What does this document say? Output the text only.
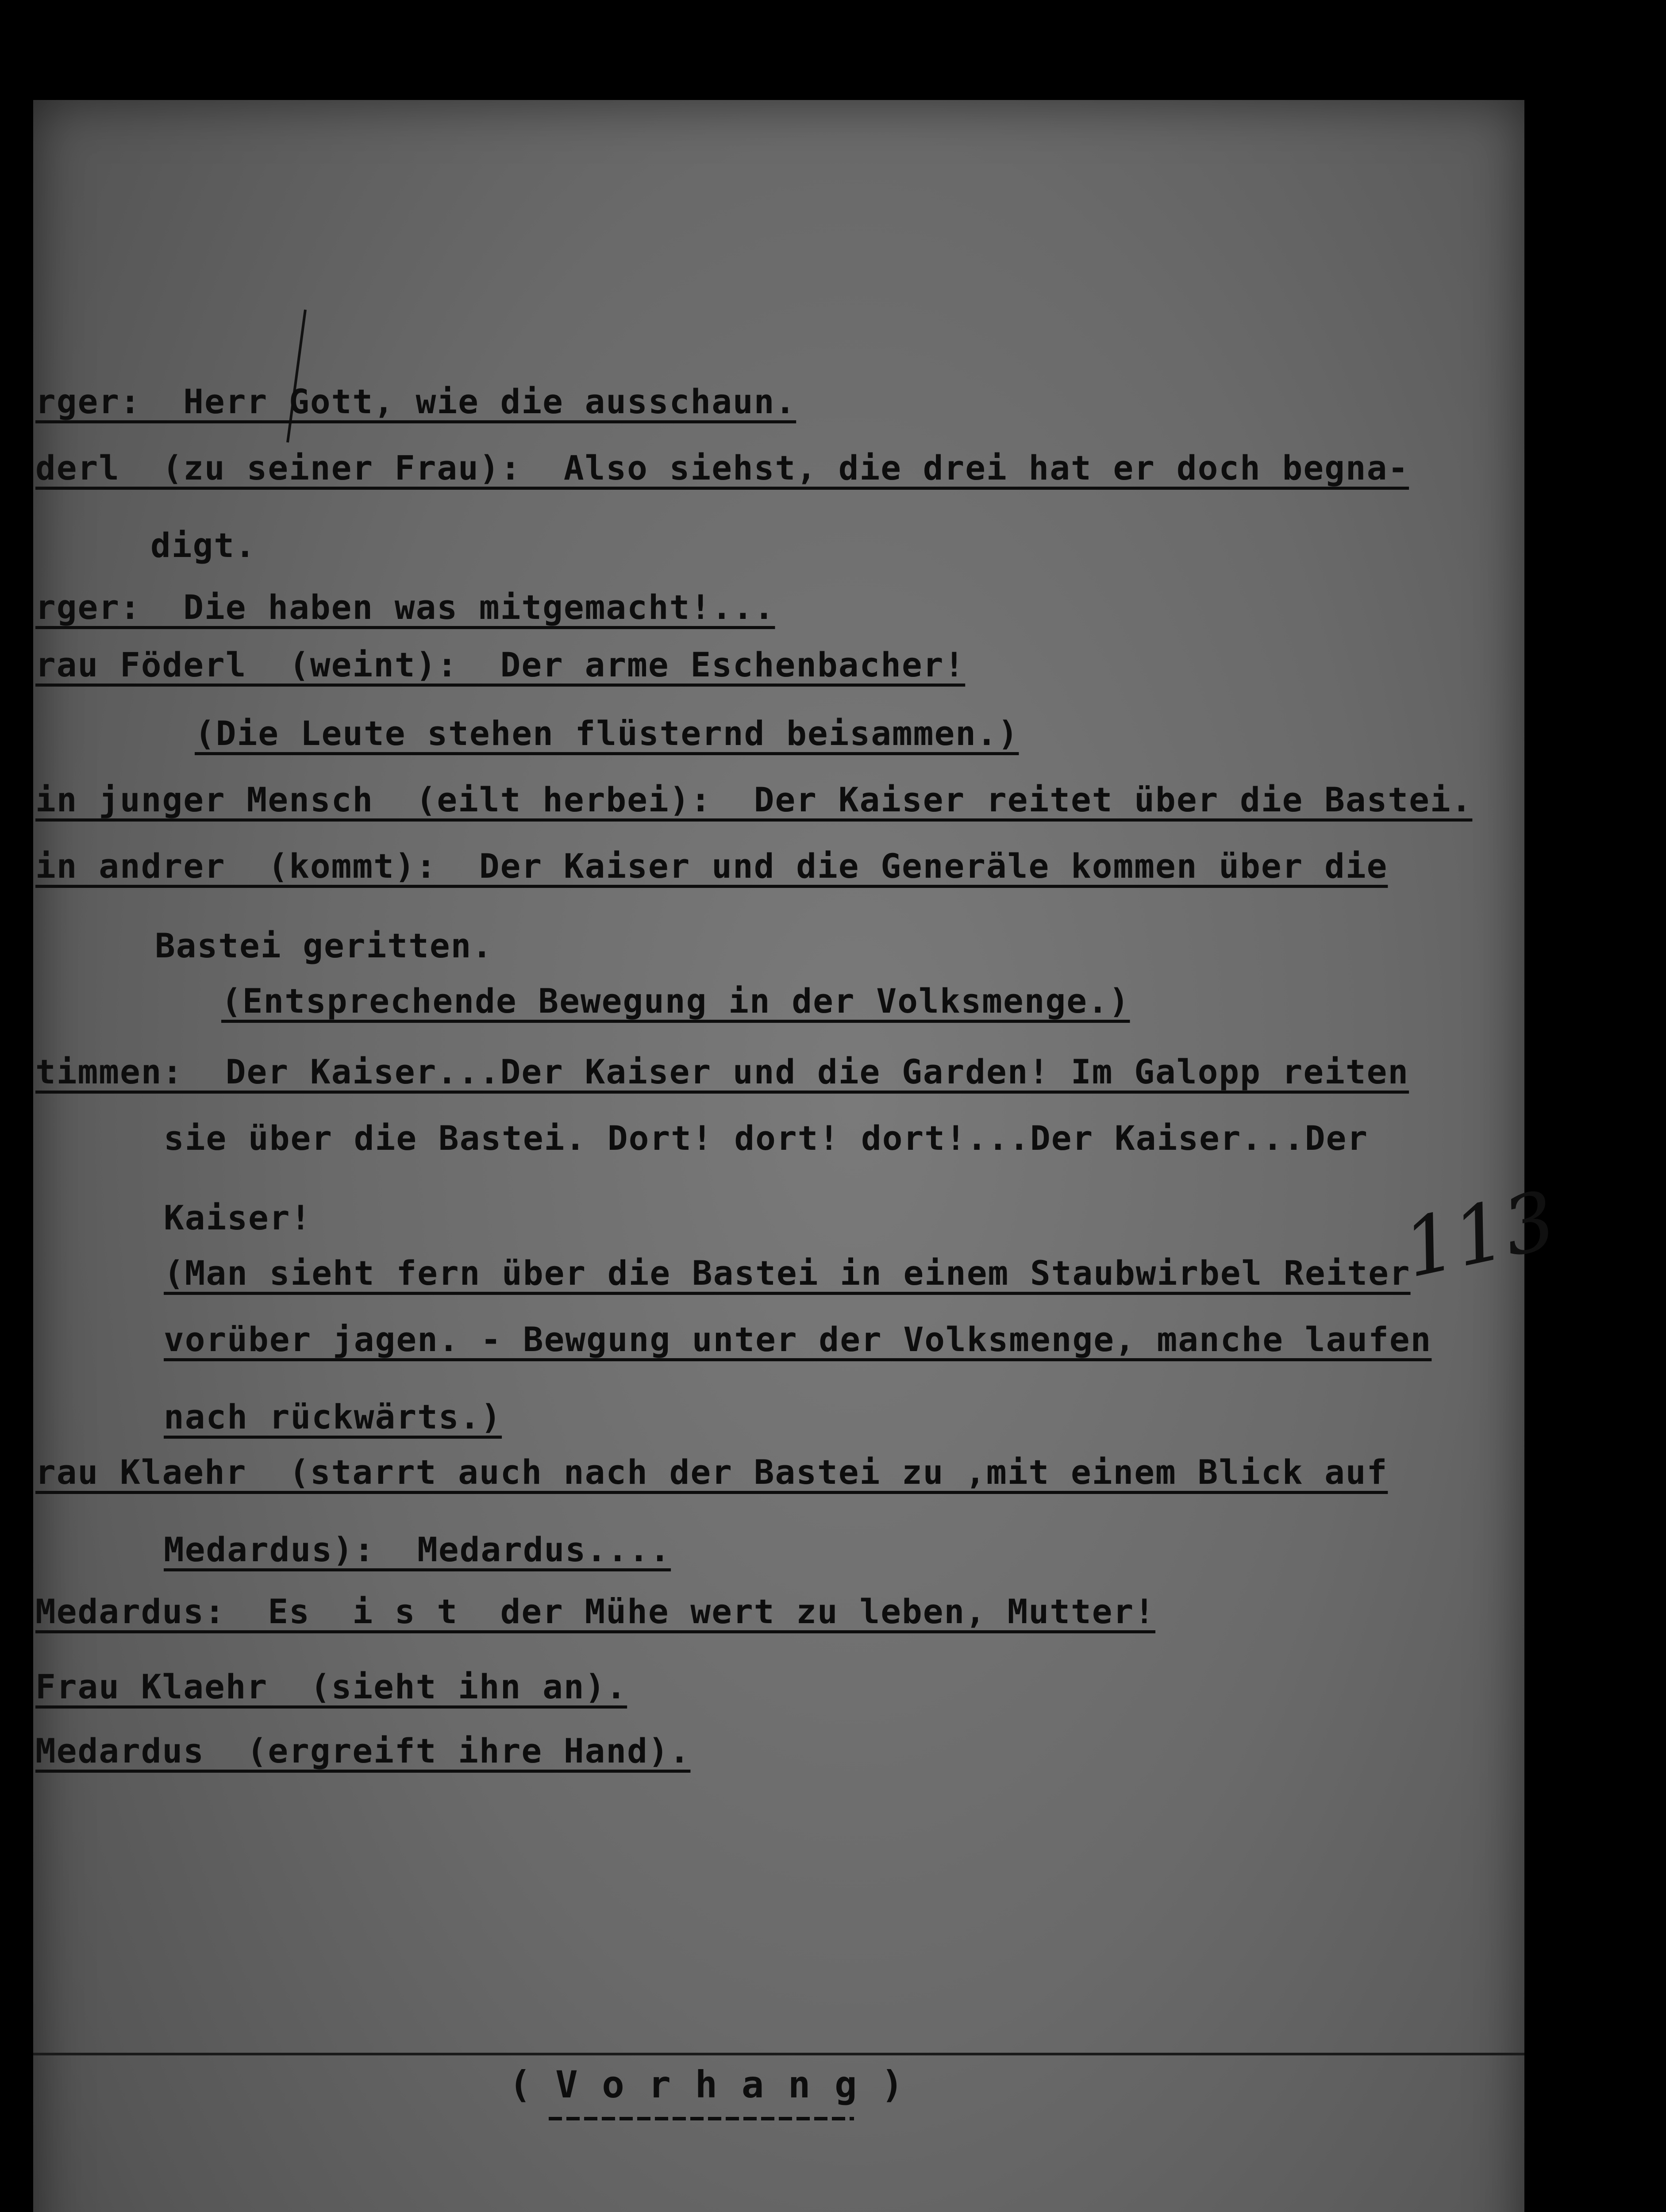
rger:  Herr Gott, wie die ausschaun.
derl  (zu seiner Frau):  Also siehst, die drei hat er doch begna-
digt.
rger:  Die haben was mitgemacht!...
rau Föderl  (weint):  Der arme Eschenbacher!
(Die Leute stehen flüsternd beisammen.)
in junger Mensch  (eilt herbei):  Der Kaiser reitet über die Bastei.
in andrer  (kommt):  Der Kaiser und die Generäle kommen über die
Bastei geritten.
(Entsprechende Bewegung in der Volksmenge.)
timmen:  Der Kaiser...Der Kaiser und die Garden! Im Galopp reiten
sie über die Bastei. Dort! dort! dort!...Der Kaiser...Der
Kaiser!
(Man sieht fern über die Bastei in einem Staubwirbel Reiter
vorüber jagen. - Bewgung unter der Volksmenge, manche laufen
nach rückwärts.)
rau Klaehr  (starrt auch nach der Bastei zu ,mit einem Blick auf
Medardus):  Medardus....
Medardus:  Es  i s t  der Mühe wert zu leben, Mutter!
Frau Klaehr  (sieht ihn an).
Medardus  (ergreift ihre Hand).
113
( V o r h a n g )
